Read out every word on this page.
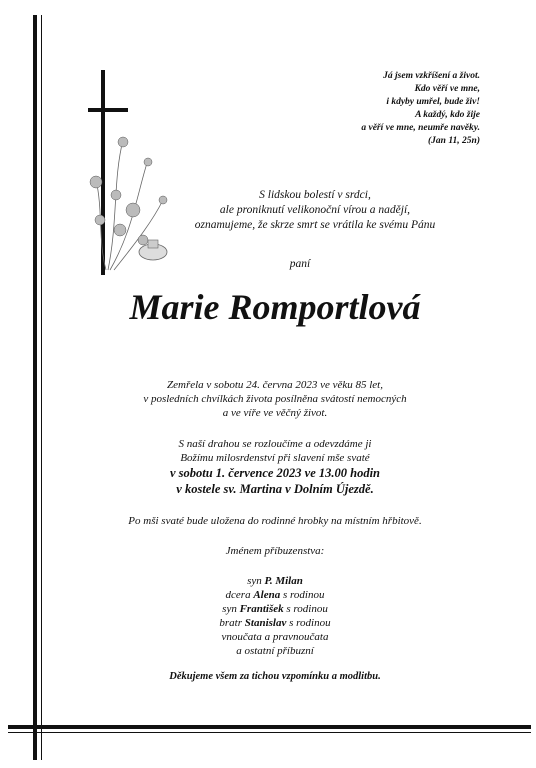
Já jsem vzkříšení a život.
Kdo věří ve mne,
i kdyby umřel, bude živ!
A každý, kdo žije
a věří ve mne, neumře navěky.
(Jan 11, 25n)
S lidskou bolestí v srdci,
ale proniknutí velikonoční vírou a nadějí,
oznamujeme, že skrze smrt se vrátila ke svému Pánu
paní
Marie Romportlová
Zemřela v sobotu 24. června 2023 ve věku 85 let,
v posledních chvílkách života posílněna svátostí nemocných
a ve víře ve věčný život.
S naší drahou se rozloučíme a odevzdáme ji
Božímu milosrdenství při slavení mše svaté
v sobotu 1. července 2023 ve 13.00 hodin
v kostele sv. Martina v Dolním Újezdě.
Po mši svaté bude uložena do rodinné hrobky na místním hřbitově.
Jménem příbuzenstva:
syn P. Milan
dcera Alena s rodinou
syn František s rodinou
bratr Stanislav s rodinou
vnoučata a pravnoučata
a ostatní příbuzní
Děkujeme všem za tichou vzpomínku a modlitbu.
